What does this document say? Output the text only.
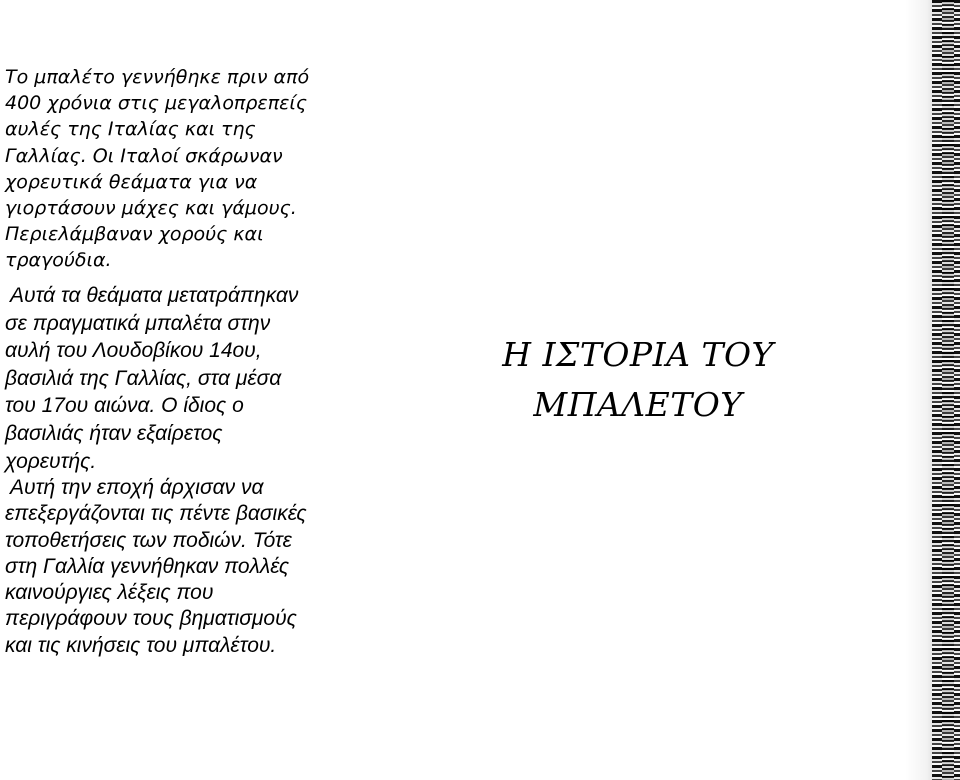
Το μπαλέτο γεννήθηκε πριν από
400 χρόνια στις μεγαλοπρεπείς
αυλές της Ιταλίας και της
Γαλλίας. Οι Ιταλοί σκάρωναν
χορευτικά θεάματα για να
γιορτάσουν μάχες και γάμους.
Περιελάμβαναν χορούς και
τραγούδια.
Αυτά τα θεάματα μετατράπηκαν
σε πραγματικά μπαλέτα στην
αυλή του Λουδοβίκου 14ου,
βασιλιά της Γαλλίας, στα μέσα
του 17ου αιώνα. Ο ίδιος ο
βασιλιάς ήταν εξαίρετος
χορευτής.
Αυτή την εποχή άρχισαν να
επεξεργάζονται τις πέντε βασικές
τοποθετήσεις των ποδιών. Τότε
στη Γαλλία γεννήθηκαν πολλές
καινούργιες λέξεις που
περιγράφουν τους βηματισμούς
και τις κινήσεις του μπαλέτου.
Η ΙΣΤΟΡΙΑ ΤΟΥ
ΜΠΑΛΕΤΟΥ
